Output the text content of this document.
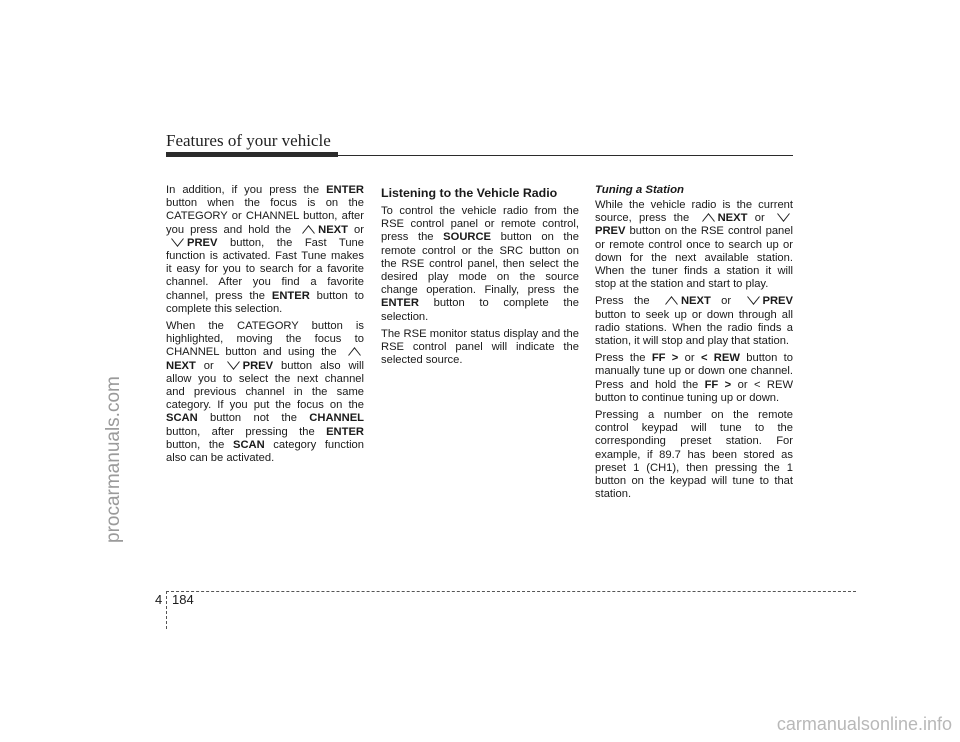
Features of your vehicle

In addition, if you press the ENTER button when the focus is on the CATEGORY or CHANNEL button, after you press and hold the
NEXT or
PREV button, the Fast Tune function is activated. Fast Tune makes it easy for you to search for a favorite channel. After you find a favorite channel, press the ENTER button to complete this selection.

When the CATEGORY button is highlighted, moving the focus to CHANNEL button and using the
NEXT or
PREV button also will allow you to select the next channel and previous channel in the same category. If you put the focus on the SCAN button not the CHANNEL button, after pressing the ENTER button, the SCAN category function also can be activated.

Listening to the Vehicle Radio

To control the vehicle radio from the RSE control panel or remote control, press the SOURCE button on the remote control or the SRC button on the RSE control panel, then select the desired play mode on the source change operation. Finally, press the ENTER button to complete the selection.

The RSE monitor status display and the RSE control panel will indicate the selected source.

Tuning a Station

While the vehicle radio is the current source, press the
NEXT or
PREV button on the RSE control panel or remote control once to search up or down for the next available station. When the tuner finds a station it will stop at the station and start to play.

Press the
NEXT or
PREV button to seek up or down through all radio stations. When the radio finds a station, it will stop and play that station.

Press the FF > or < REW button to manually tune up or down one channel. Press and hold the FF > or < REW button to continue tuning up or down.

Pressing a number on the remote control keypad will tune to the corresponding preset station. For example, if 89.7 has been stored as preset 1 (CH1), then pressing the 1 button on the keypad will tune to that station.

4 184
procarmanuals.com
carmanualsonline.info
